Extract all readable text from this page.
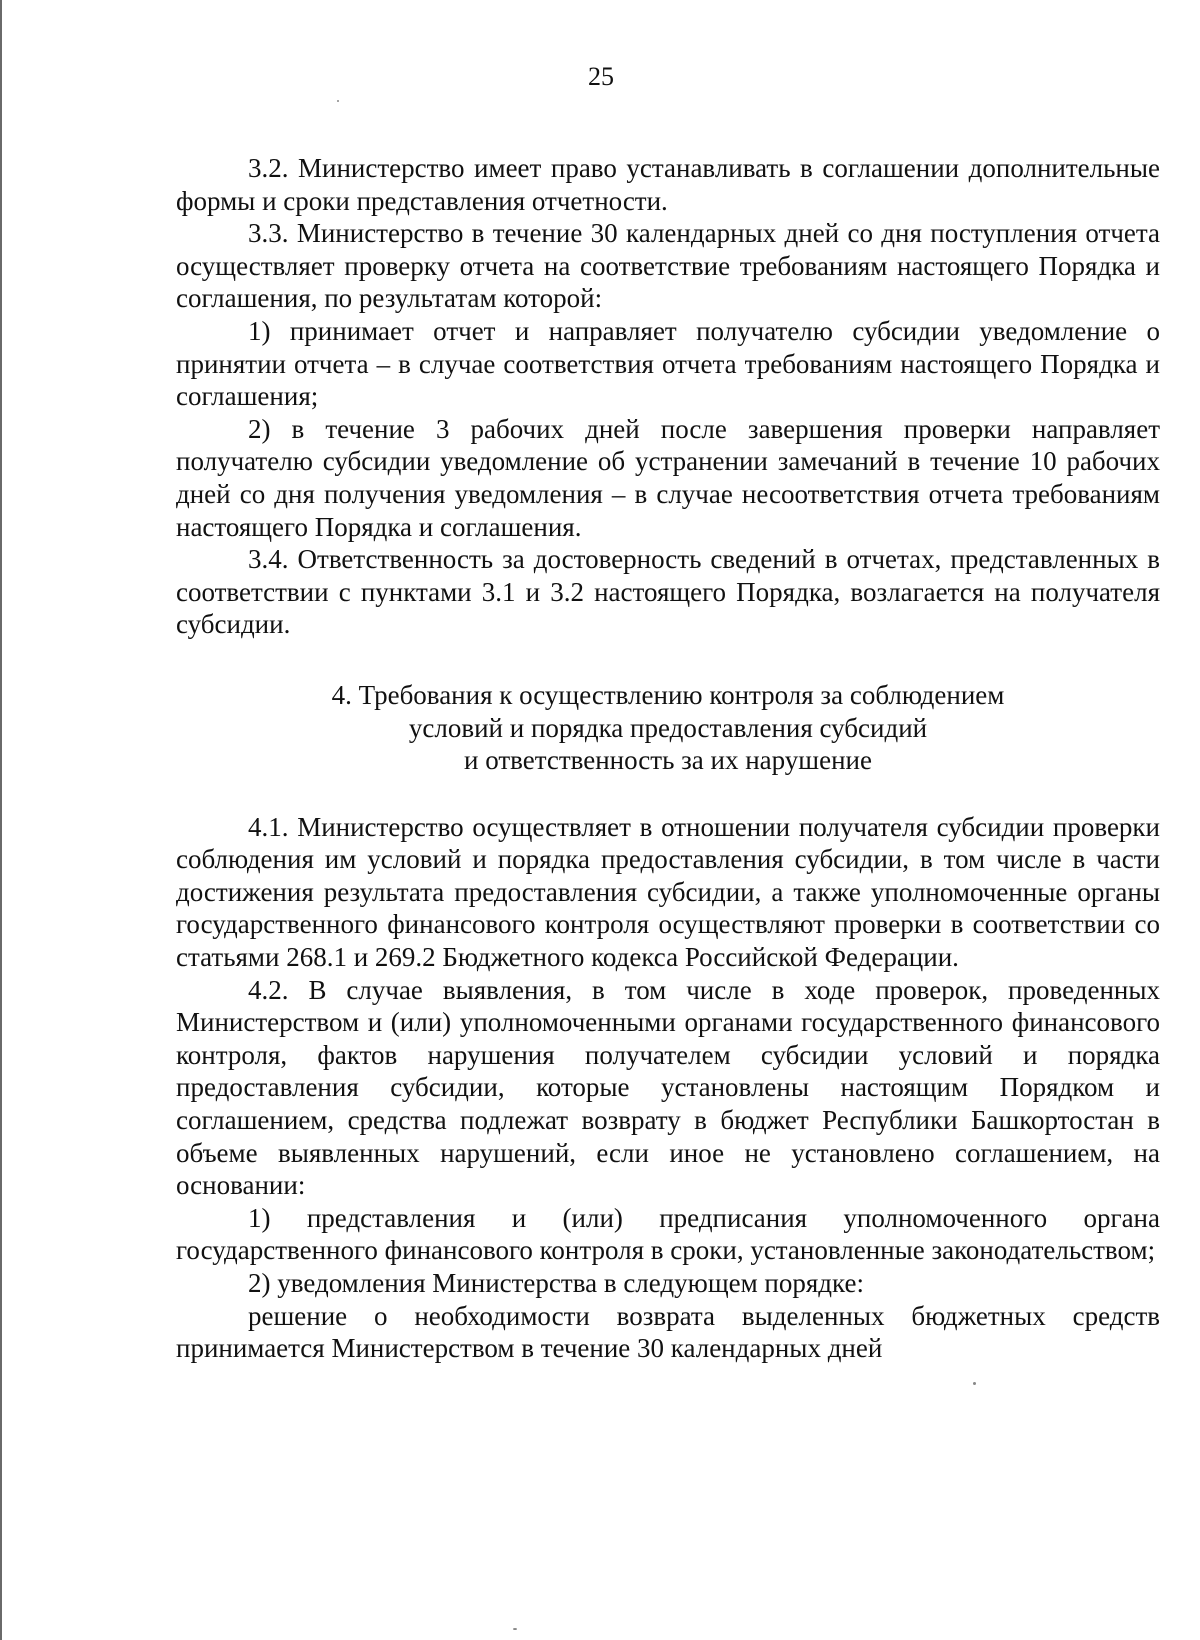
25

3.2. Министерство имеет право устанавливать в соглашении дополнительные формы и сроки представления отчетности.

3.3. Министерство в течение 30 календарных дней со дня поступления отчета осуществляет проверку отчета на соответствие требованиям настоящего Порядка и соглашения, по результатам которой:

1) принимает отчет и направляет получателю субсидии уведомление о принятии отчета – в случае соответствия отчета требованиям настоящего Порядка и соглашения;

2) в течение 3 рабочих дней после завершения проверки направляет получателю субсидии уведомление об устранении замечаний в течение 10 рабочих дней со дня получения уведомления – в случае несоответствия отчета требованиям настоящего Порядка и соглашения.

3.4. Ответственность за достоверность сведений в отчетах, представленных в соответствии с пунктами 3.1 и 3.2 настоящего Порядка, возлагается на получателя субсидии.

4. Требования к осуществлению контроля за соблюдением
условий и порядка предоставления субсидий
и ответственность за их нарушение

4.1. Министерство осуществляет в отношении получателя субсидии проверки соблюдения им условий и порядка предоставления субсидии, в том числе в части достижения результата предоставления субсидии, а также уполномоченные органы государственного финансового контроля осуществляют проверки в соответствии со статьями 268.1 и 269.2 Бюджетного кодекса Российской Федерации.

4.2. В случае выявления, в том числе в ходе проверок, проведенных Министерством и (или) уполномоченными органами государственного финансового контроля, фактов нарушения получателем субсидии условий и порядка предоставления субсидии, которые установлены настоящим Порядком и соглашением, средства подлежат возврату в бюджет Республики Башкортостан в объеме выявленных нарушений, если иное не установлено соглашением, на основании:

1) представления и (или) предписания уполномоченного органа государственного финансового контроля в сроки, установленные законодательством;

2) уведомления Министерства в следующем порядке:

решение о необходимости возврата выделенных бюджетных средств принимается Министерством в течение 30 календарных дней
